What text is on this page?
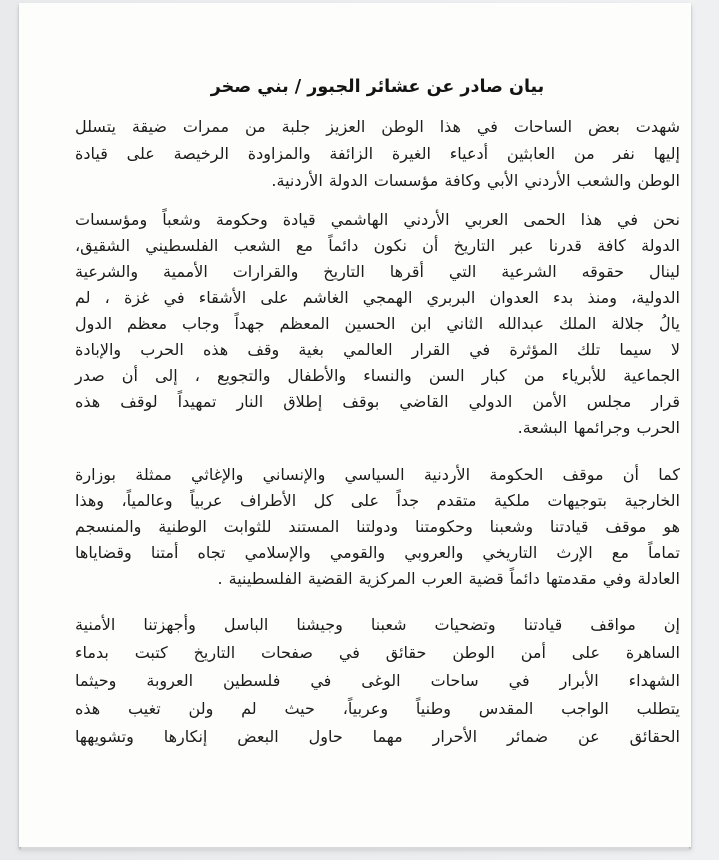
بيان صادر عن عشائر الجبور / بني صخر
شهدت بعض الساحات في هذا الوطن العزيز جلبة من ممرات ضيقة يتسلل
إليها نفر من العابثين أدعياء الغيرة الزائفة والمزاودة الرخيصة على قيادة
الوطن والشعب الأردني الأبي وكافة مؤسسات الدولة الأردنية.
نحن في هذا الحمى العربي الأردني الهاشمي قيادة وحكومة وشعباً ومؤسسات
الدولة كافة قدرنا عبر التاريخ أن نكون دائماً مع الشعب الفلسطيني الشقيق،
لينال حقوقه الشرعية التي أقرها التاريخ والقرارات الأممية والشرعية
الدولية، ومنذ بدء العدوان البربري الهمجي الغاشم على الأشقاء في غزة ، لم
يالُ جلالة الملك عبدالله الثاني ابن الحسين المعظم جهداً وجاب معظم الدول
لا سيما تلك المؤثرة في القرار العالمي بغية وقف هذه الحرب والإبادة
الجماعية للأبرياء من كبار السن والنساء والأطفال والتجويع ، إلى أن صدر
قرار مجلس الأمن الدولي القاضي بوقف إطلاق النار تمهيداً لوقف هذه
الحرب وجرائمها البشعة.
كما أن موقف الحكومة الأردنية السياسي والإنساني والإغاثي ممثلة بوزارة
الخارجية بتوجيهات ملكية متقدم جداً على كل الأطراف عربياً وعالمياً، وهذا
هو موقف قيادتنا وشعبنا وحكومتنا ودولتنا المستند للثوابت الوطنية والمنسجم
تماماً مع الإرث التاريخي والعروبي والقومي والإسلامي تجاه أمتنا وقضاياها
العادلة وفي مقدمتها دائماً قضية العرب المركزية القضية الفلسطينية .
إن مواقف قيادتنا وتضحيات شعبنا وجيشنا الباسل وأجهزتنا الأمنية
الساهرة على أمن الوطن حقائق في صفحات التاريخ كتبت بدماء
الشهداء الأبرار في ساحات الوغى في فلسطين العروبة وحيثما
يتطلب الواجب المقدس وطنياً وعربياً، حيث لم ولن تغيب هذه
الحقائق عن ضمائر الأحرار مهما حاول البعض إنكارها وتشويهها
